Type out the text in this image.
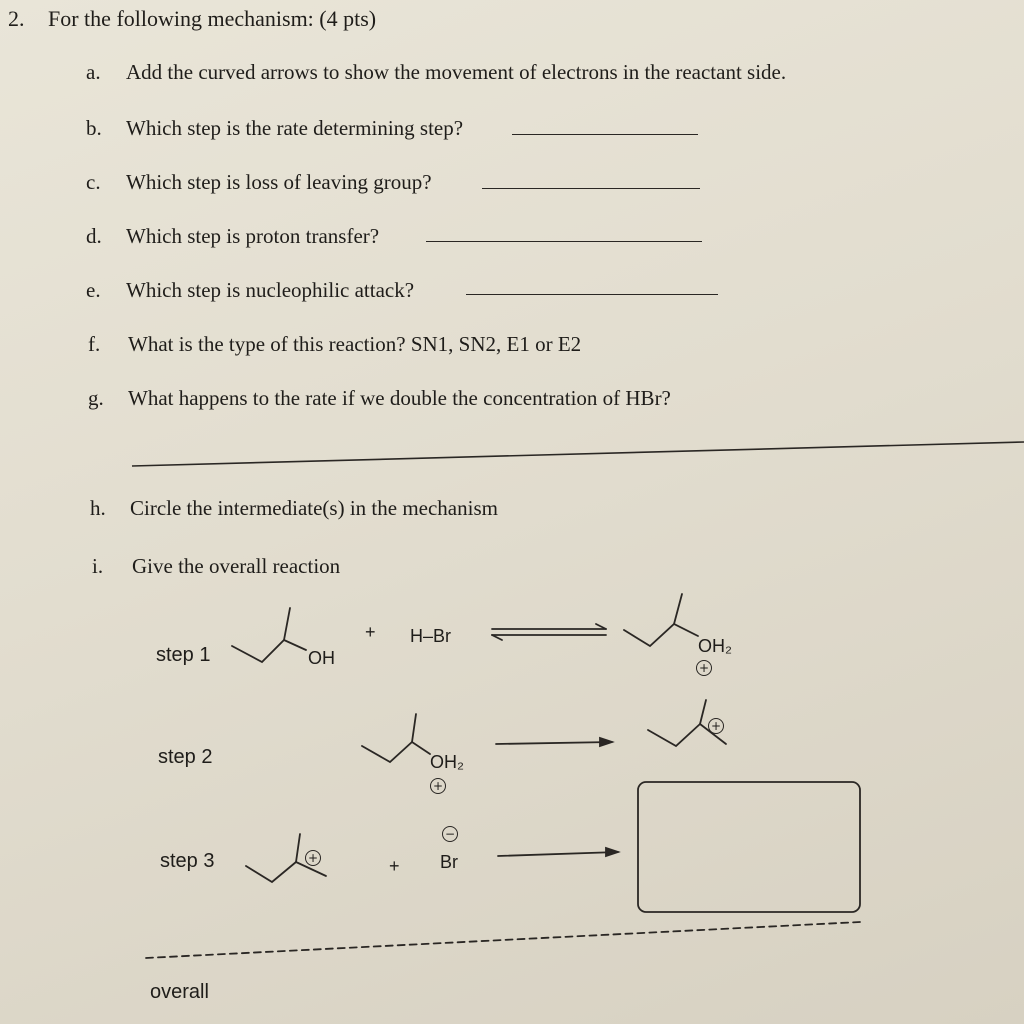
2. For the following mechanism: (4 pts)
a. Add the curved arrows to show the movement of electrons in the reactant side.
b. Which step is the rate determining step?
c. Which step is loss of leaving group?
d. Which step is proton transfer?
e. Which step is nucleophilic attack?
f. What is the type of this reaction? SN1, SN2, E1 or E2
g. What happens to the rate if we double the concentration of HBr?
h. Circle the intermediate(s) in the mechanism
i. Give the overall reaction
step 1	OH
+ H–Br	OH₂
+
step 2	OH₂
+
+
step 3	+	+
−
Br
overall
